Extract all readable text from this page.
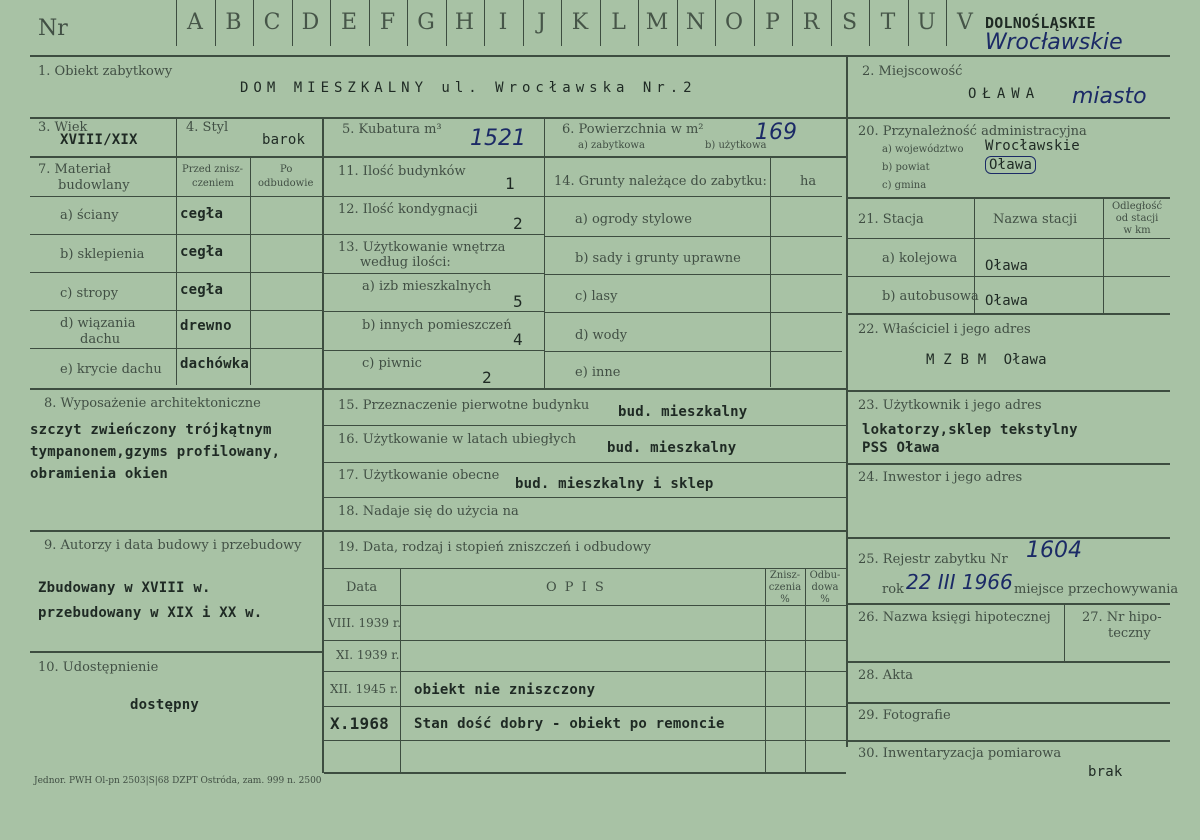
Nr	A	B	C D E	F	G H	I	J	K	L M N O	P	R	S	T U V DOLNOŚLĄSKIE
Wrocławskie
1. Obiekt zabytkowy
DOM MIESZKALNY ul. Wrocławska Nr.2
2. Miejscowość
OŁAWA miasto
3. Wiek
XVIII/XIX
4. Styl
barok
5. Kubatura m³ 1521	6. Powierzchnia w m²
a) zabytkowa	b) użytkowa
169	20. Przynależność administracyjna
a) województwo Wrocławskie
b) powiat	Oława
c) gmina
7. Materiał
budowlany
Przed znisz-
czeniem
Po
odbudowie
a) ściany	cegła
b) sklepienia	cegła
c) stropy	cegła
d) wiązania
dachu
drewno
e) krycie dachu dachówka
11. Ilość budynków
1
12. Ilość kondygnacji
2
13. Użytkowanie wnętrza
według ilości:
a) izb mieszkalnych
5
b) innych pomieszczeń
4
c) piwnic
2
14. Grunty należące do zabytku:	ha
a) ogrody stylowe
b) sady i grunty uprawne
c) lasy
d) wody
e) inne
21. Stacja	Nazwa stacji
Odległość
od stacji
w km
a) kolejowa Oława
b) autobusowa Oława
22. Właściciel i jego adres
M Z B M  Oława
8. Wyposażenie architektoniczne
szczyt zwieńczony trójkątnym
tympanonem,gzyms profilowany,
obramienia okien
15. Przeznaczenie pierwotne budynku bud. mieszkalny
16. Użytkowanie w latach ubiegłych
bud. mieszkalny
17. Użytkowanie obecne
bud. mieszkalny i sklep
18. Nadaje się do użycia na
23. Użytkownik i jego adres
lokatorzy,sklep tekstylny
PSS Oława
24. Inwestor i jego adres
9. Autorzy i data budowy i przebudowy
Zbudowany w XVIII w.
przebudowany w XIX i XX w.
10. Udostępnienie
dostępny
19. Data, rodzaj i stopień zniszczeń i odbudowy
Data	O P I S
Znisz-
czenia
%
Odbu-
dowa
%
VIII. 1939 r.
XI. 1939 r.
XII. 1945 r. obiekt nie zniszczony
X.1968 Stan dość dobry - obiekt po remoncie
25. Rejestr zabytku Nr 1604
rok 22 III 1966 miejsce przechowywania
26. Nazwa księgi hipotecznej 27. Nr hipo-
teczny
28. Akta
29. Fotografie
30. Inwentaryzacja pomiarowa
brak
Jednor. PWH Ol-pn 2503|S|68 DZPT Ostróda, zam. 999 n. 2500
